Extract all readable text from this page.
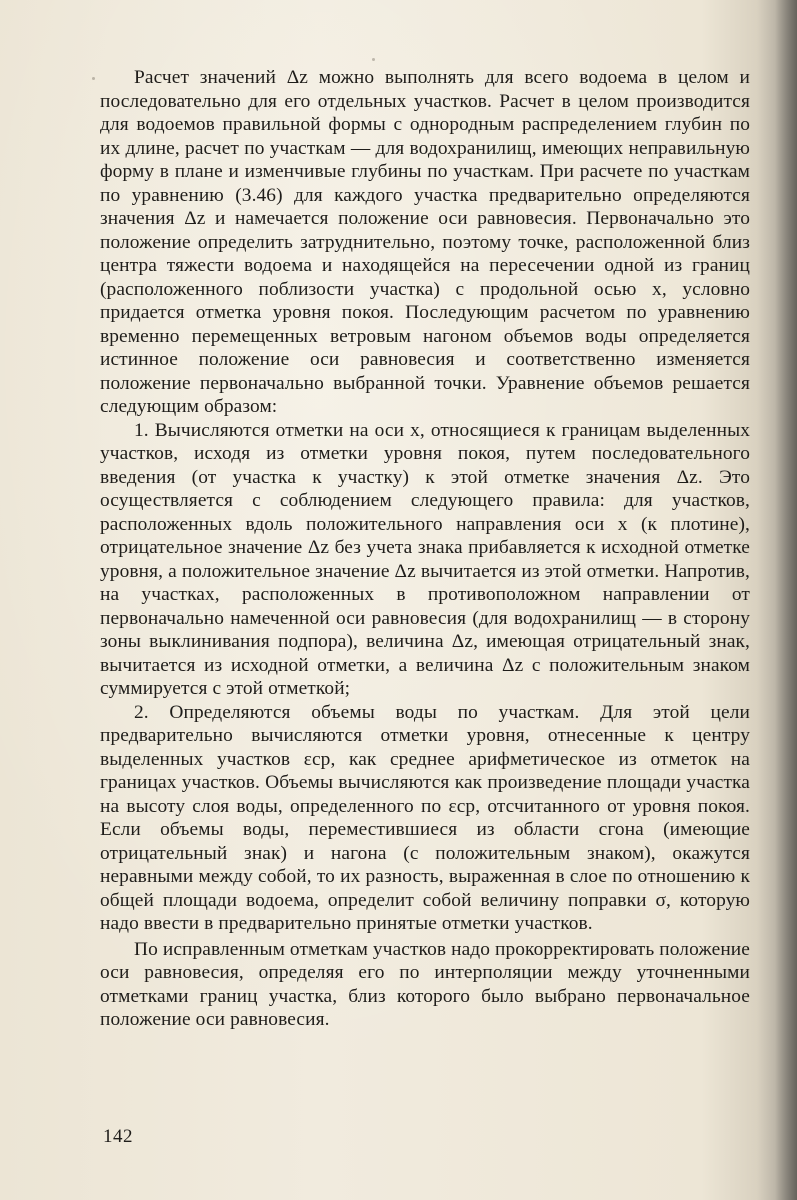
Расчет значений Δz можно выполнять для всего водоема в целом и последовательно для его отдельных участков. Расчет в целом производится для водоемов правильной формы с однородным распределением глубин по их длине, расчет по участкам — для водохранилищ, имеющих неправильную форму в плане и изменчивые глубины по участкам. При расчете по участкам по уравнению (3.46) для каждого участка предварительно определяются значения Δz и намечается положение оси равновесия. Первоначально это положение определить затруднительно, поэтому точке, расположенной близ центра тяжести водоема и находящейся на пересечении одной из границ (расположенного поблизости участка) с продольной осью x, условно придается отметка уровня покоя. Последующим расчетом по уравнению временно перемещенных ветровым нагоном объемов воды определяется истинное положение оси равновесия и соответственно изменяется положение первоначально выбранной точки. Уравнение объемов решается следующим образом:

1. Вычисляются отметки на оси x, относящиеся к границам выделенных участков, исходя из отметки уровня покоя, путем последовательного введения (от участка к участку) к этой отметке значения Δz. Это осуществляется с соблюдением следующего правила: для участков, расположенных вдоль положительного направления оси x (к плотине), отрицательное значение Δz без учета знака прибавляется к исходной отметке уровня, а положительное значение Δz вычитается из этой отметки. Напротив, на участках, расположенных в противоположном направлении от первоначально намеченной оси равновесия (для водохранилищ — в сторону зоны выклинивания подпора), величина Δz, имеющая отрицательный знак, вычитается из исходной отметки, а величина Δz с положительным знаком суммируется с этой отметкой;

2. Определяются объемы воды по участкам. Для этой цели предварительно вычисляются отметки уровня, отнесенные к центру выделенных участков εср, как среднее арифметическое из отметок на границах участков. Объемы вычисляются как произведение площади участка на высоту слоя воды, определенного по εср, отсчитанного от уровня покоя. Если объемы воды, переместившиеся из области сгона (имеющие отрицательный знак) и нагона (с положительным знаком), окажутся неравными между собой, то их разность, выраженная в слое по отношению к общей площади водоема, определит собой величину поправки σ, которую надо ввести в предварительно принятые отметки участков.

По исправленным отметкам участков надо прокорректировать положение оси равновесия, определяя его по интерполяции между уточненными отметками границ участка, близ которого было выбрано первоначальное положение оси равновесия.

142
